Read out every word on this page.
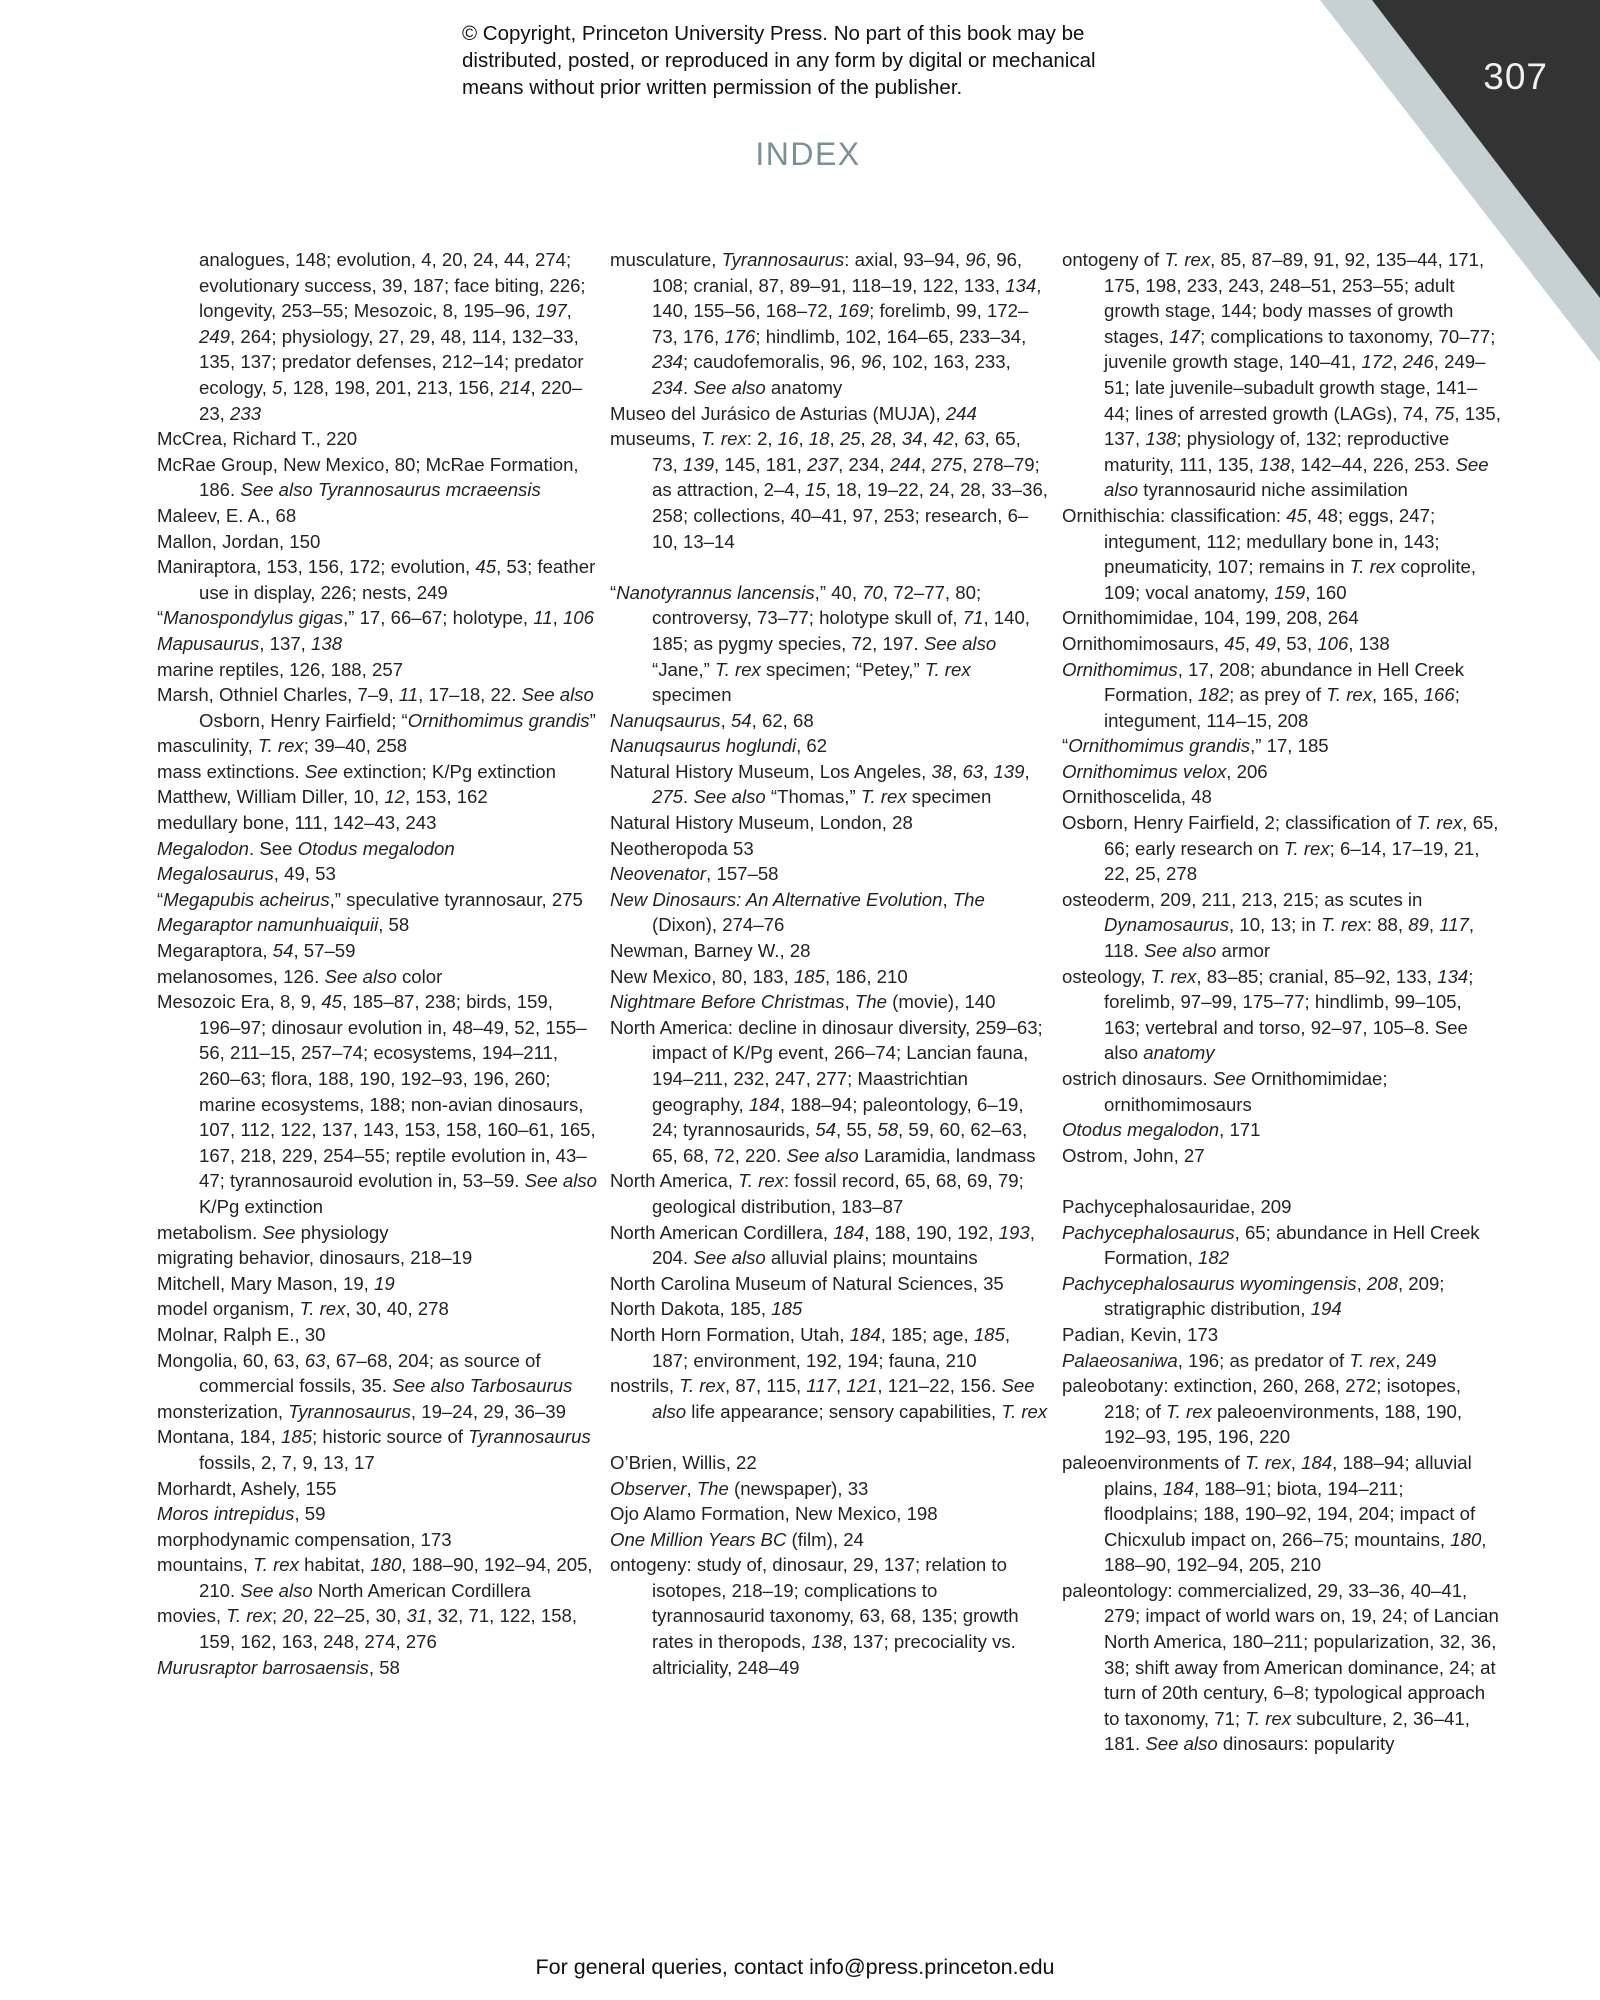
© Copyright, Princeton University Press. No part of this book may be
distributed, posted, or reproduced in any form by digital or mechanical
means without prior written permission of the publisher.	307
INDEX
analogues, 148; evolution, 4, 20, 24, 44, 274; evolutionary success, 39, 187; face biting, 226; longevity, 253–55; Mesozoic, 8, 195–96, 197, 249, 264; physiology, 27, 29, 48, 114, 132–33, 135, 137; predator defenses, 212–14; predator ecology, 5, 128, 198, 201, 213, 156, 214, 220–23, 233
McCrea, Richard T., 220
McRae Group, New Mexico, 80; McRae Formation, 186. See also Tyrannosaurus mcraeensis
Maleev, E. A., 68
Mallon, Jordan, 150
Maniraptora, 153, 156, 172; evolution, 45, 53; feather use in display, 226; nests, 249
“Manospondylus gigas,” 17, 66–67; holotype, 11, 106
Mapusaurus, 137, 138
marine reptiles, 126, 188, 257
Marsh, Othniel Charles, 7–9, 11, 17–18, 22. See also Osborn, Henry Fairfield; “Ornithomimus grandis”
masculinity, T. rex; 39–40, 258
mass extinctions. See extinction; K/Pg extinction
Matthew, William Diller, 10, 12, 153, 162
medullary bone, 111, 142–43, 243
Megalodon. See Otodus megalodon
Megalosaurus, 49, 53
“Megapubis acheirus,” speculative tyrannosaur, 275
Megaraptor namunhuaiquii, 58
Megaraptora, 54, 57–59
melanosomes, 126. See also color
Mesozoic Era, 8, 9, 45, 185–87, 238; birds, 159, 196–97; dinosaur evolution in, 48–49, 52, 155–56, 211–15, 257–74; ecosystems, 194–211, 260–63; flora, 188, 190, 192–93, 196, 260; marine ecosystems, 188; non-avian dinosaurs, 107, 112, 122, 137, 143, 153, 158, 160–61, 165, 167, 218, 229, 254–55; reptile evolution in, 43–47; tyrannosauroid evolution in, 53–59. See also K/Pg extinction
metabolism. See physiology
migrating behavior, dinosaurs, 218–19
Mitchell, Mary Mason, 19, 19
model organism, T. rex, 30, 40, 278
Molnar, Ralph E., 30
Mongolia, 60, 63, 63, 67–68, 204; as source of commercial fossils, 35. See also Tarbosaurus
monsterization, Tyrannosaurus, 19–24, 29, 36–39
Montana, 184, 185; historic source of Tyrannosaurus fossils, 2, 7, 9, 13, 17
Morhardt, Ashely, 155
Moros intrepidus, 59
morphodynamic compensation, 173
mountains, T. rex habitat, 180, 188–90, 192–94, 205, 210. See also North American Cordillera
movies, T. rex; 20, 22–25, 30, 31, 32, 71, 122, 158, 159, 162, 163, 248, 274, 276
Murusraptor barrosaensis, 58
musculature, Tyrannosaurus: axial, 93–94, 96, 96, 108; cranial, 87, 89–91, 118–19, 122, 133, 134, 140, 155–56, 168–72, 169; forelimb, 99, 172–73, 176, 176; hindlimb, 102, 164–65, 233–34, 234; caudofemoralis, 96, 96, 102, 163, 233, 234. See also anatomy
Museo del Jurásico de Asturias (MUJA), 244
museums, T. rex: 2, 16, 18, 25, 28, 34, 42, 63, 65, 73, 139, 145, 181, 237, 234, 244, 275, 278–79; as attraction, 2–4, 15, 18, 19–22, 24, 28, 33–36, 258; collections, 40–41, 97, 253; research, 6–10, 13–14
“Nanotyrannus lancensis,” 40, 70, 72–77, 80; controversy, 73–77; holotype skull of, 71, 140, 185; as pygmy species, 72, 197. See also “Jane,” T. rex specimen; “Petey,” T. rex specimen
Nanuqsaurus, 54, 62, 68
Nanuqsaurus hoglundi, 62
Natural History Museum, Los Angeles, 38, 63, 139, 275. See also “Thomas,” T. rex specimen
Natural History Museum, London, 28
Neotheropoda 53
Neovenator, 157–58
New Dinosaurs: An Alternative Evolution, The (Dixon), 274–76
Newman, Barney W., 28
New Mexico, 80, 183, 185, 186, 210
Nightmare Before Christmas, The (movie), 140
North America: decline in dinosaur diversity, 259–63; impact of K/Pg event, 266–74; Lancian fauna, 194–211, 232, 247, 277; Maastrichtian geography, 184, 188–94; paleontology, 6–19, 24; tyrannosaurids, 54, 55, 58, 59, 60, 62–63, 65, 68, 72, 220. See also Laramidia, landmass
North America, T. rex: fossil record, 65, 68, 69, 79; geological distribution, 183–87
North American Cordillera, 184, 188, 190, 192, 193, 204. See also alluvial plains; mountains
North Carolina Museum of Natural Sciences, 35
North Dakota, 185, 185
North Horn Formation, Utah, 184, 185; age, 185, 187; environment, 192, 194; fauna, 210
nostrils, T. rex, 87, 115, 117, 121, 121–22, 156. See also life appearance; sensory capabilities, T. rex
O’Brien, Willis, 22
Observer, The (newspaper), 33
Ojo Alamo Formation, New Mexico, 198
One Million Years BC (film), 24
ontogeny: study of, dinosaur, 29, 137; relation to isotopes, 218–19; complications to tyrannosaurid taxonomy, 63, 68, 135; growth rates in theropods, 138, 137; precociality vs. altriciality, 248–49
ontogeny of T. rex, 85, 87–89, 91, 92, 135–44, 171, 175, 198, 233, 243, 248–51, 253–55; adult growth stage, 144; body masses of growth stages, 147; complications to taxonomy, 70–77; juvenile growth stage, 140–41, 172, 246, 249–51; late juvenile–subadult growth stage, 141–44; lines of arrested growth (LAGs), 74, 75, 135, 137, 138; physiology of, 132; reproductive maturity, 111, 135, 138, 142–44, 226, 253. See also tyrannosaurid niche assimilation
Ornithischia: classification: 45, 48; eggs, 247; integument, 112; medullary bone in, 143; pneumaticity, 107; remains in T. rex coprolite, 109; vocal anatomy, 159, 160
Ornithomimidae, 104, 199, 208, 264
Ornithomimosaurs, 45, 49, 53, 106, 138
Ornithomimus, 17, 208; abundance in Hell Creek Formation, 182; as prey of T. rex, 165, 166; integument, 114–15, 208
“Ornithomimus grandis,” 17, 185
Ornithomimus velox, 206
Ornithoscelida, 48
Osborn, Henry Fairfield, 2; classification of T. rex, 65, 66; early research on T. rex; 6–14, 17–19, 21, 22, 25, 278
osteoderm, 209, 211, 213, 215; as scutes in Dynamosaurus, 10, 13; in T. rex: 88, 89, 117, 118. See also armor
osteology, T. rex, 83–85; cranial, 85–92, 133, 134; forelimb, 97–99, 175–77; hindlimb, 99–105, 163; vertebral and torso, 92–97, 105–8. See also anatomy
ostrich dinosaurs. See Ornithomimidae; ornithomimosaurs
Otodus megalodon, 171
Ostrom, John, 27
Pachycephalosauridae, 209
Pachycephalosaurus, 65; abundance in Hell Creek Formation, 182
Pachycephalosaurus wyomingensis, 208, 209; stratigraphic distribution, 194
Padian, Kevin, 173
Palaeosaniwa, 196; as predator of T. rex, 249
paleobotany: extinction, 260, 268, 272; isotopes, 218; of T. rex paleoenvironments, 188, 190, 192–93, 195, 196, 220
paleoenvironments of T. rex, 184, 188–94; alluvial plains, 184, 188–91; biota, 194–211; floodplains; 188, 190–92, 194, 204; impact of Chicxulub impact on, 266–75; mountains, 180, 188–90, 192–94, 205, 210
paleontology: commercialized, 29, 33–36, 40–41, 279; impact of world wars on, 19, 24; of Lancian North America, 180–211; popularization, 32, 36, 38; shift away from American dominance, 24; at turn of 20th century, 6–8; typological approach to taxonomy, 71; T. rex subculture, 2, 36–41, 181. See also dinosaurs: popularity
For general queries, contact info@press.princeton.edu
